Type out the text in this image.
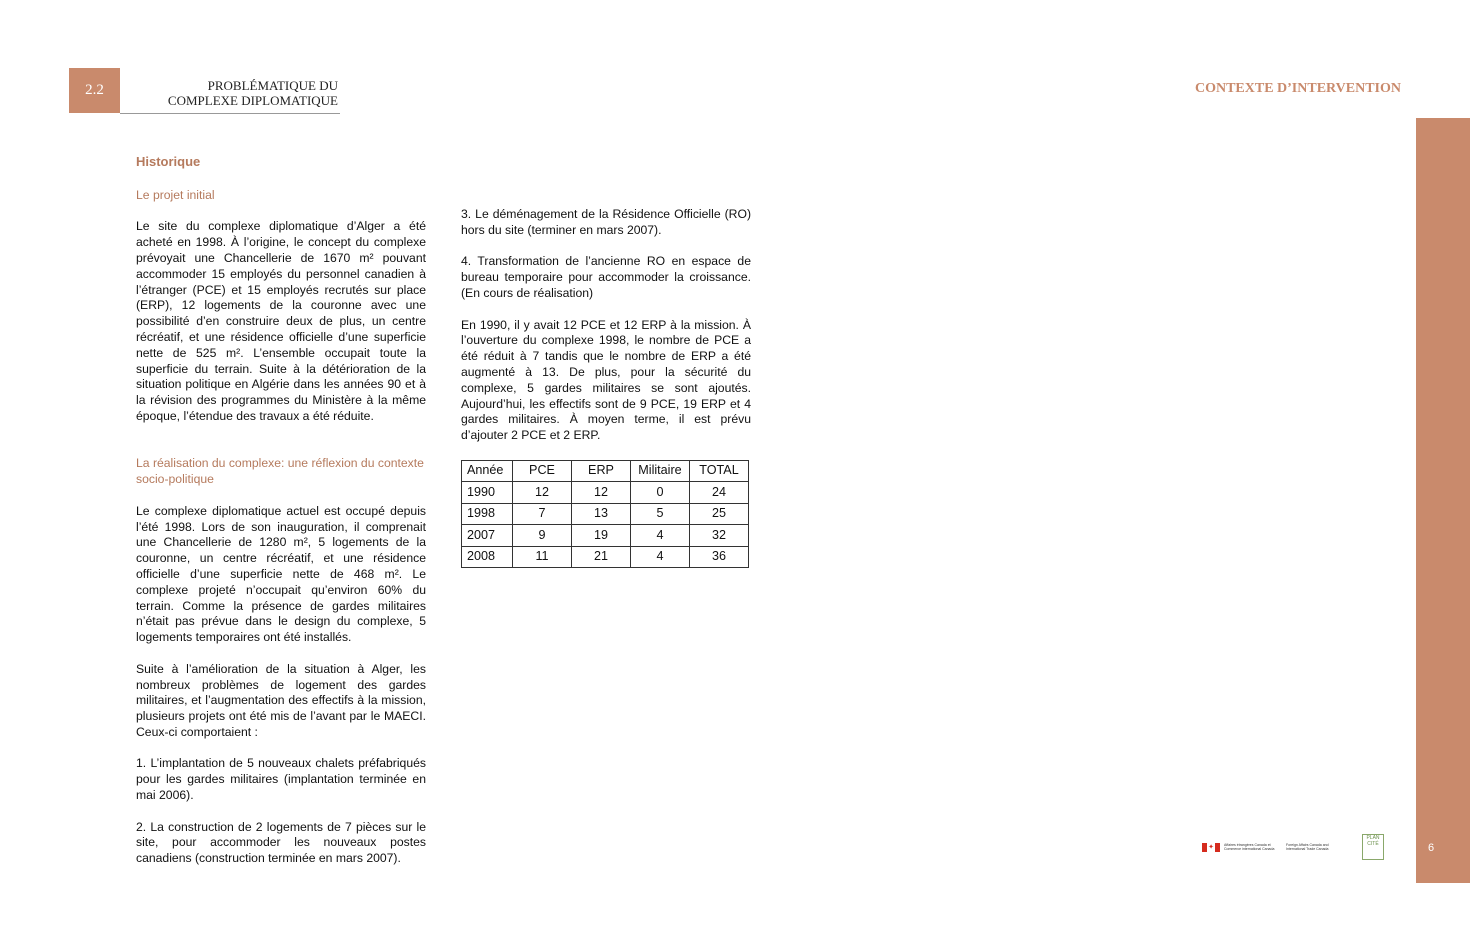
2.2	PROBLÉMATIQUE DU
COMPLEXE DIPLOMATIQUE
CONTEXTE D’INTERVENTION
6
Historique
Le projet initial

Le site du complexe diplomatique d’Alger a été acheté en 1998. À l’origine, le concept du complexe prévoyait une Chancellerie de 1670 m² pouvant accommoder 15 employés du personnel canadien à l’étranger (PCE) et 15 employés recrutés sur place (ERP), 12 logements de la couronne avec une possibilité d’en construire deux de plus, un centre récréatif, et une résidence officielle d’une superficie nette de 525 m². L’ensemble occupait toute la superficie du terrain. Suite à la détérioration de la situation politique en Algérie dans les années 90 et à la révision des programmes du Ministère à la même époque, l’étendue des travaux a été réduite.

La réalisation du complexe: une réflexion du contexte socio-politique

Le complexe diplomatique actuel est occupé depuis l’été 1998. Lors de son inauguration, il comprenait une Chancellerie de 1280 m², 5 logements de la couronne, un centre récréatif, et une résidence officielle d’une superficie nette de 468 m². Le complexe projeté n’occupait qu’environ 60% du terrain. Comme la présence de gardes militaires n’était pas prévue dans le design du complexe, 5 logements temporaires ont été installés.

Suite à l’amélioration de la situation à Alger, les nombreux problèmes de logement des gardes militaires, et l’augmentation des effectifs à la mission, plusieurs projets ont été mis de l’avant par le MAECI. Ceux-ci comportaient :

1. L’implantation de 5 nouveaux chalets préfabriqués pour les gardes militaires (implantation terminée en mai 2006).

2. La construction de 2 logements de 7 pièces sur le site, pour accommoder les nouveaux postes canadiens (construction terminée en mars 2007).

3. Le déménagement de la Résidence Officielle (RO) hors du site (terminer en mars 2007).

4. Transformation de l’ancienne RO en espace de bureau temporaire pour accommoder la croissance. (En cours de réalisation)

En 1990, il y avait 12 PCE et 12 ERP à la mission. À l’ouverture du complexe 1998, le nombre de PCE a été réduit à 7 tandis que le nombre de ERP a été augmenté à 13. De plus, pour la sécurité du complexe, 5 gardes militaires se sont ajoutés. Aujourd’hui, les effectifs sont de 9 PCE, 19 ERP et 4 gardes militaires. À moyen terme, il est prévu d’ajouter 2 PCE et 2 ERP.

Année	PCE	ERP	Militaire	TOTAL
1990	12	12	0	24
1998	7	13	5	25
2007	9	19	4	32
2008	11	21	4	36
✦	Affaires étrangères Canada et Commerce international Canada
Foreign Affairs Canada and International Trade Canada
PLAN CITÉ
